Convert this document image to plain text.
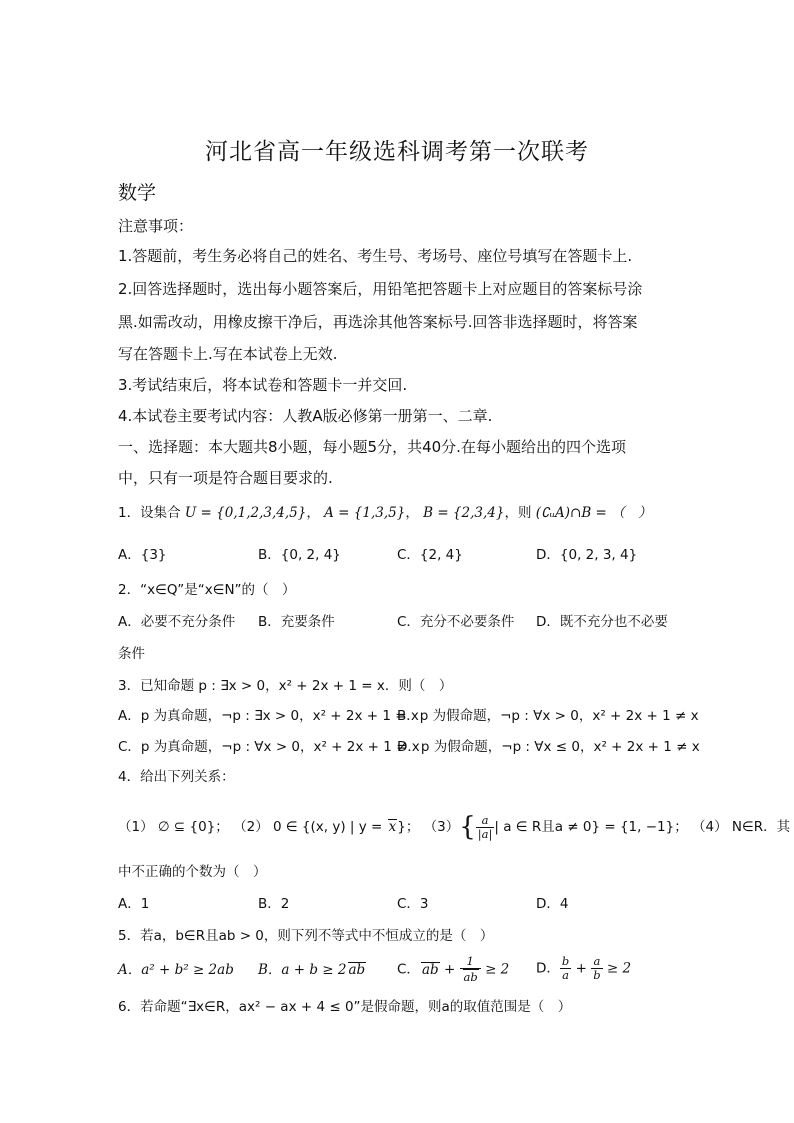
河北省高一年级选科调考第一次联考
数学
注意事项：
1.答题前，考生务必将自己的姓名、考生号、考场号、座位号填写在答题卡上.
2.回答选择题时，选出每小题答案后，用铅笔把答题卡上对应题目的答案标号涂
黑.如需改动，用橡皮擦干净后，再选涂其他答案标号.回答非选择题时，将答案
写在答题卡上.写在本试卷上无效.
3.考试结束后，将本试卷和答题卡一并交回.
4.本试卷主要考试内容：人教A版必修第一册第一、二章.
一、选择题：本大题共8小题，每小题5分，共40分.在每小题给出的四个选项
中，只有一项是符合题目要求的.
1．设集合 U = {0,1,2,3,4,5}， A = {1,3,5}， B = {2,3,4}，则 (∁ᵤA)∩B = （　）
A．{3}	B．{0, 2, 4}	C．{2, 4}	D．{0, 2, 3, 4}
2．“x∈Q”是“x∈N”的（　）
A．必要不充分条件 B．充要条件	C．充分不必要条件 D．既不充分也不必要
条件
3．已知命题 p : ∃x > 0，x² + 2x + 1 = x．则（　）
A．p 为真命题，¬p : ∃x > 0，x² + 2x + 1 = x
B．p 为假命题，¬p : ∀x > 0，x² + 2x + 1 ≠ x
C．p 为真命题，¬p : ∀x > 0，x² + 2x + 1 ≠ x
D．p 为假命题，¬p : ∀x ≤ 0，x² + 2x + 1 ≠ x
4．给出下列关系：
（1） ∅ ⊆ {0}； （2） 0 ∈ {(x, y) | y = x}； $(3)\{ \frac{a}{|a|}$ | a ∈ R且a ≠ 0} = {1, −1}； （4） N∈R．其
中不正确的个数为（　）
A．1	B．2	C．3	D．4
5．若a，b∈R且ab > 0，则下列不等式中不恒成立的是（　）
A．a² + b² ≥ 2ab B．a + b ≥ 2 ab C． ab + $\frac{1}{ab} \ge 2$ D． $\frac{b}{a} + \frac{a}{b} \ge 2$
6．若命题“∃x∈R，ax² − ax + 4 ≤ 0”是假命题，则a的取值范围是（　）
